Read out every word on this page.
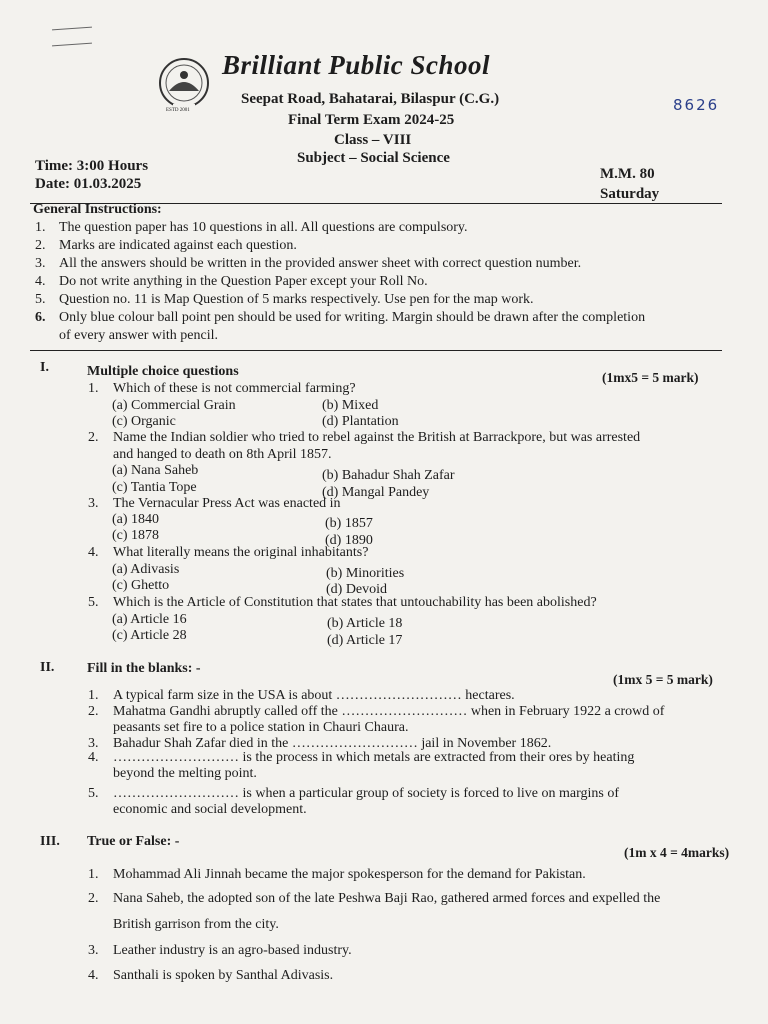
ESTD 2001
Brilliant Public School
Seepat Road, Bahatarai, Bilaspur (C.G.)
Final Term Exam 2024-25
Class – VIII
Subject – Social Science
8626
Time: 3:00 Hours
Date: 01.03.2025
M.M. 80
Saturday
General Instructions:
1. The question paper has 10 questions in all. All questions are compulsory.
2. Marks are indicated against each question.
3. All the answers should be written in the provided answer sheet with correct question number.
4. Do not write anything in the Question Paper except your Roll No.
5. Question no. 11 is Map Question of 5 marks respectively. Use pen for the map work.
6. Only blue colour ball point pen should be used for writing. Margin should be drawn after the completion
of every answer with pencil.
I.	Multiple choice questions	(1mx5 = 5 mark)
1. Which of these is not commercial farming?
(a) Commercial Grain	(b) Mixed
(c) Organic	(d) Plantation
2. Name the Indian soldier who tried to rebel against the British at Barrackpore, but was arrested
and hanged to death on 8th April 1857.
(a) Nana Saheb	(b) Bahadur Shah Zafar
(c) Tantia Tope	(d) Mangal Pandey
3. The Vernacular Press Act was enacted in
(a) 1840	(b) 1857
(c) 1878	(d) 1890
4. What literally means the original inhabitants?
(a) Adivasis	(b) Minorities
(c) Ghetto	(d) Devoid
5. Which is the Article of Constitution that states that untouchability has been abolished?
(a) Article 16	(b) Article 18
(c) Article 28	(d) Article 17
II. Fill in the blanks: -
(1mx 5 = 5 mark)
1. A typical farm size in the USA is about ……………………… hectares.
2. Mahatma Gandhi abruptly called off the ……………………… when in February 1922 a crowd of
peasants set fire to a police station in Chauri Chaura.
3. Bahadur Shah Zafar died in the ……………………… jail in November 1862.
4. ……………………… is the process in which metals are extracted from their ores by heating
beyond the melting point.
5. ……………………… is when a particular group of society is forced to live on margins of
economic and social development.
III. True or False: -
(1m x 4 = 4marks)
1. Mohammad Ali Jinnah became the major spokesperson for the demand for Pakistan.
2. Nana Saheb, the adopted son of the late Peshwa Baji Rao, gathered armed forces and expelled the
British garrison from the city.
3. Leather industry is an agro-based industry.
4. Santhali is spoken by Santhal Adivasis.
